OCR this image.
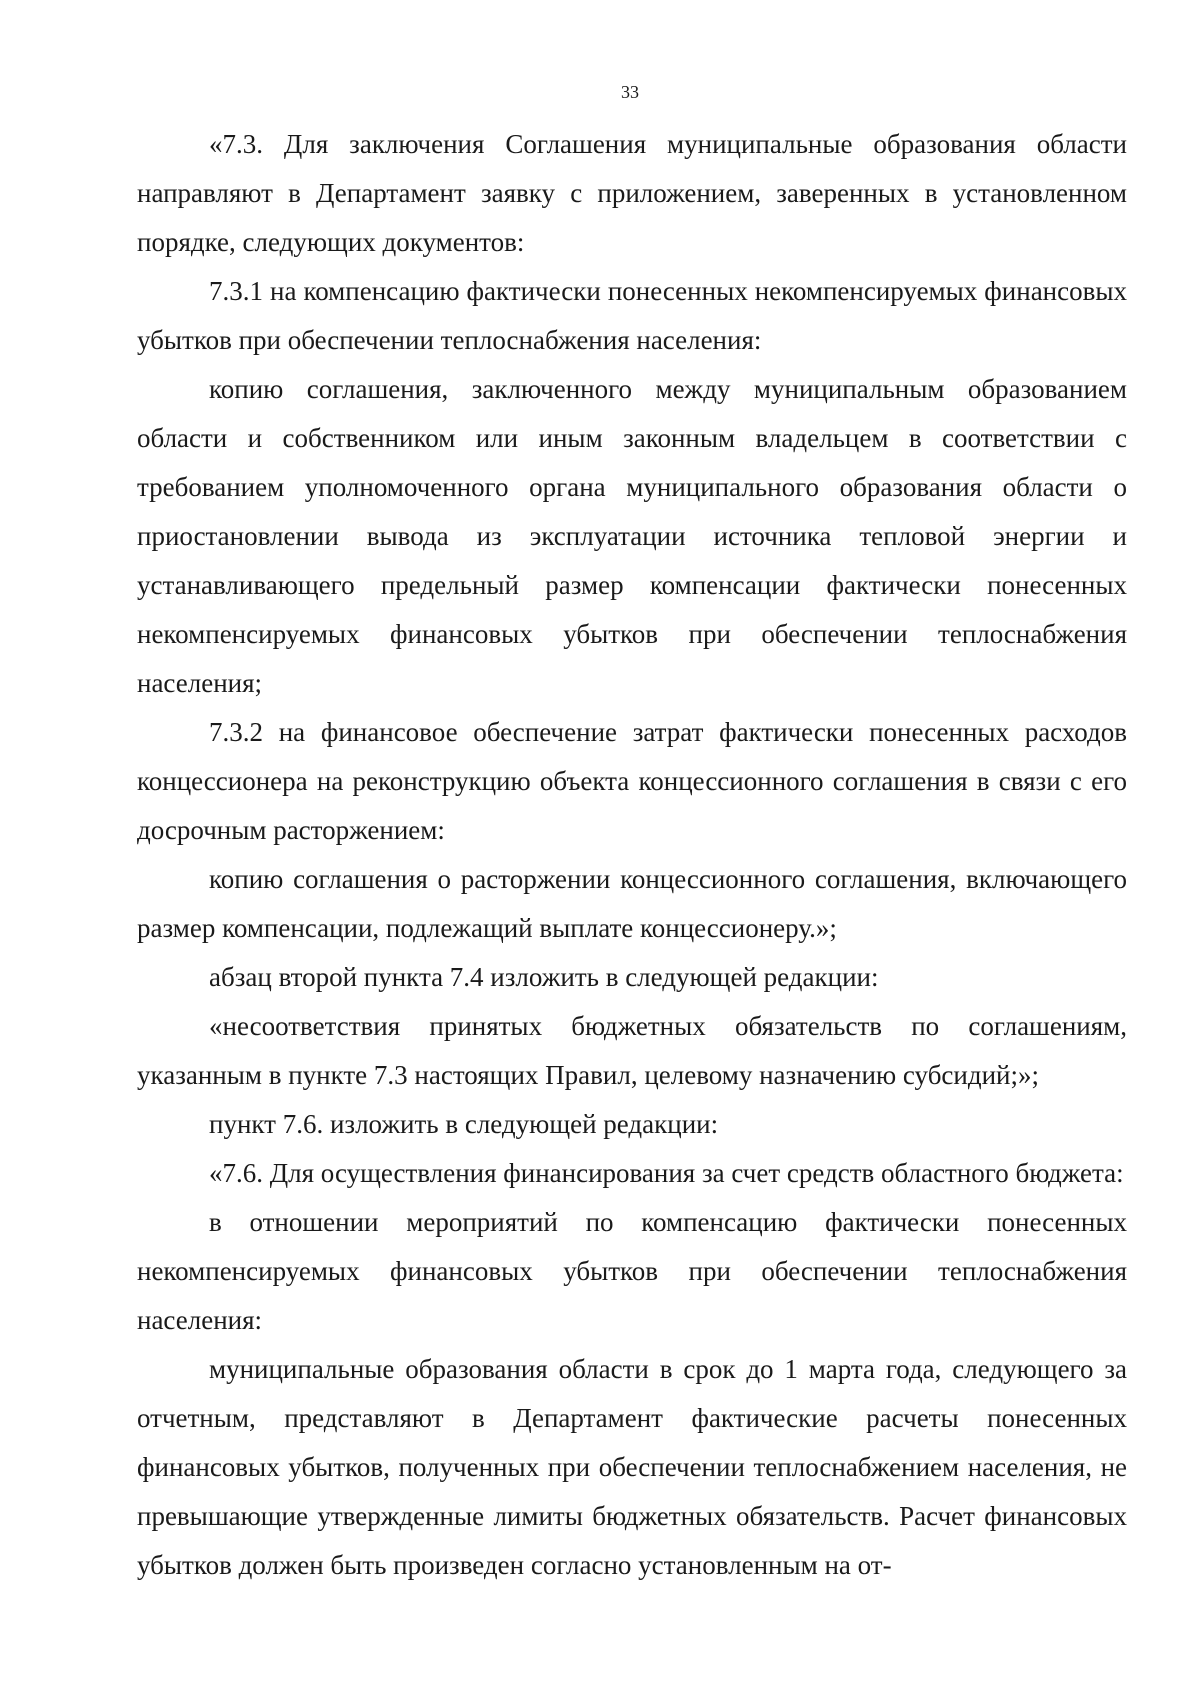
33

«7.3. Для заключения Соглашения муниципальные образования области направляют в Департамент заявку с приложением, заверенных в установленном порядке, следующих документов:

7.3.1 на компенсацию фактически понесенных некомпенсируемых финансовых убытков при обеспечении теплоснабжения населения:

копию соглашения, заключенного между муниципальным образованием области и собственником или иным законным владельцем в соответствии с требованием уполномоченного органа муниципального образования области о приостановлении вывода из эксплуатации источника тепловой энергии и устанавливающего предельный размер компенсации фактически понесенных некомпенсируемых финансовых убытков при обеспечении теплоснабжения населения;

7.3.2 на финансовое обеспечение затрат фактически понесенных расходов концессионера на реконструкцию объекта концессионного соглашения в связи с его досрочным расторжением:

копию соглашения о расторжении концессионного соглашения, включающего размер компенсации, подлежащий выплате концессионеру.»;

абзац второй пункта 7.4 изложить в следующей редакции:

«несоответствия принятых бюджетных обязательств по соглашениям, указанным в пункте 7.3 настоящих Правил, целевому назначению субсидий;»;

пункт 7.6. изложить в следующей редакции:

«7.6. Для осуществления финансирования за счет средств областного бюджета:

в отношении мероприятий по компенсацию фактически понесенных некомпенсируемых финансовых убытков при обеспечении теплоснабжения населения:

муниципальные образования области в срок до 1 марта года, следующего за отчетным, представляют в Департамент фактические расчеты понесенных финансовых убытков, полученных при обеспечении теплоснабжением населения, не превышающие утвержденные лимиты бюджетных обязательств. Расчет финансовых убытков должен быть произведен согласно установленным на от-
